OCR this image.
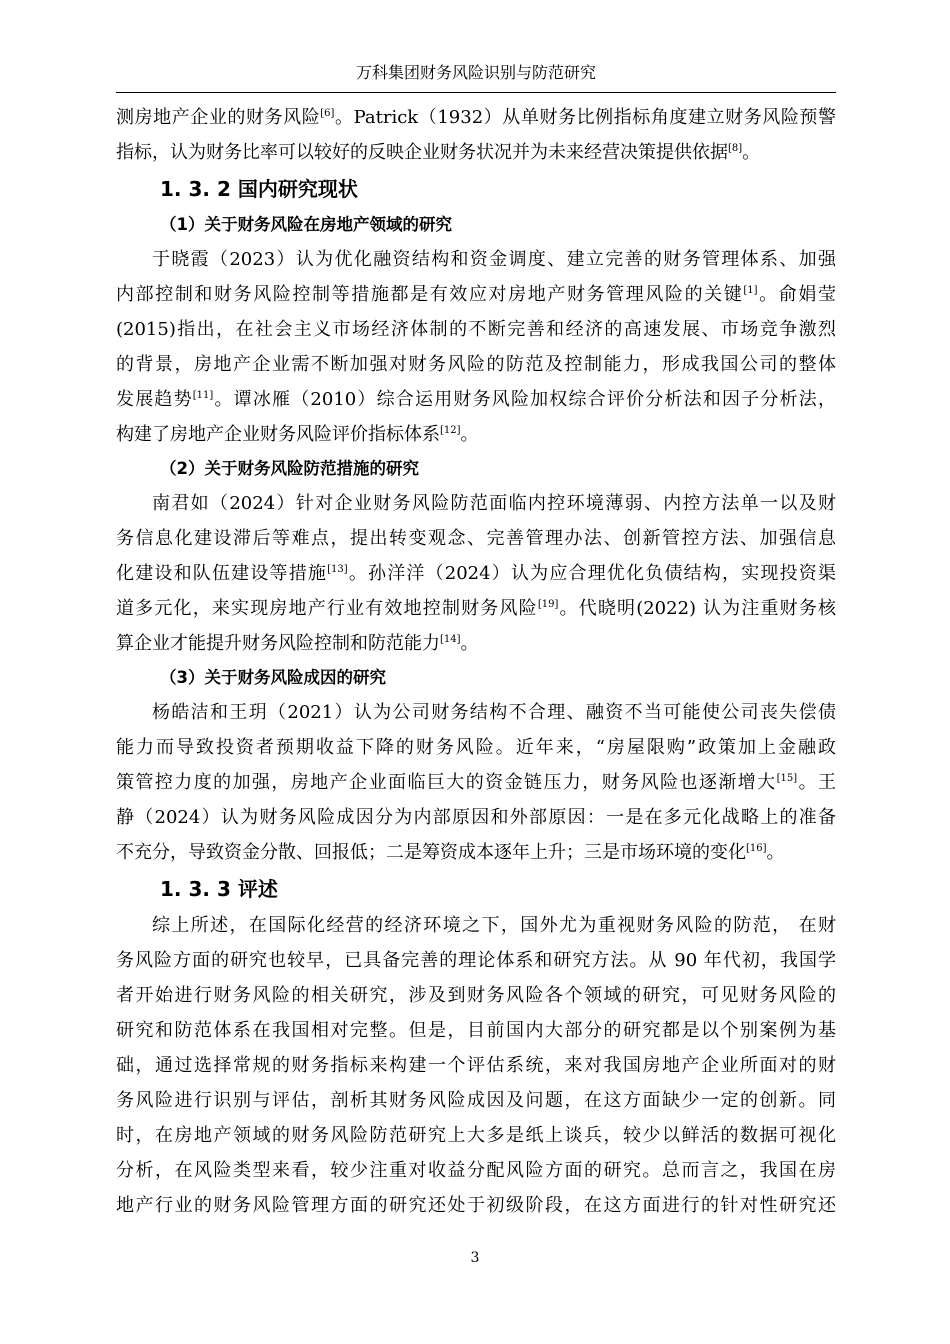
万科集团财务风险识别与防范研究

测房地产企业的财务风险[6]。Patrick（1932）从单财务比例指标角度建立财务风险预警

指标，认为财务比率可以较好的反映企业财务状况并为未来经营决策提供依据[8]。

1. 3. 2 国内研究现状
（1）关于财务风险在房地产领域的研究

于晓霞（2023）认为优化融资结构和资金调度、建立完善的财务管理体系、加强

内部控制和财务风险控制等措施都是有效应对房地产财务管理风险的关键[1]。俞娟莹

(2015)指出，在社会主义市场经济体制的不断完善和经济的高速发展、市场竞争激烈

的背景，房地产企业需不断加强对财务风险的防范及控制能力，形成我国公司的整体

发展趋势[11]。谭冰雁（2010）综合运用财务风险加权综合评价分析法和因子分析法，

构建了房地产企业财务风险评价指标体系[12]。

（2）关于财务风险防范措施的研究

南君如（2024）针对企业财务风险防范面临内控环境薄弱、内控方法单一以及财

务信息化建设滞后等难点，提出转变观念、完善管理办法、创新管控方法、加强信息

化建设和队伍建设等措施[13]。孙洋洋（2024）认为应合理优化负债结构，实现投资渠

道多元化，来实现房地产行业有效地控制财务风险[19]。代晓明(2022) 认为注重财务核

算企业才能提升财务风险控制和防范能力[14]。

（3）关于财务风险成因的研究

杨皓洁和王玥（2021）认为公司财务结构不合理、融资不当可能使公司丧失偿债

能力而导致投资者预期收益下降的财务风险。近年来，“房屋限购”政策加上金融政

策管控力度的加强，房地产企业面临巨大的资金链压力，财务风险也逐渐增大[15]。王

静（2024）认为财务风险成因分为内部原因和外部原因：一是在多元化战略上的准备

不充分，导致资金分散、回报低；二是筹资成本逐年上升；三是市场环境的变化[16]。

1. 3. 3 评述

综上所述，在国际化经营的经济环境之下，国外尤为重视财务风险的防范， 在财

务风险方面的研究也较早，已具备完善的理论体系和研究方法。从 90 年代初，我国学

者开始进行财务风险的相关研究，涉及到财务风险各个领域的研究，可见财务风险的

研究和防范体系在我国相对完整。但是，目前国内大部分的研究都是以个别案例为基

础，通过选择常规的财务指标来构建一个评估系统，来对我国房地产企业所面对的财

务风险进行识别与评估，剖析其财务风险成因及问题，在这方面缺少一定的创新。同

时，在房地产领域的财务风险防范研究上大多是纸上谈兵，较少以鲜活的数据可视化

分析，在风险类型来看，较少注重对收益分配风险方面的研究。总而言之，我国在房

地产行业的财务风险管理方面的研究还处于初级阶段，在这方面进行的针对性研究还

3
